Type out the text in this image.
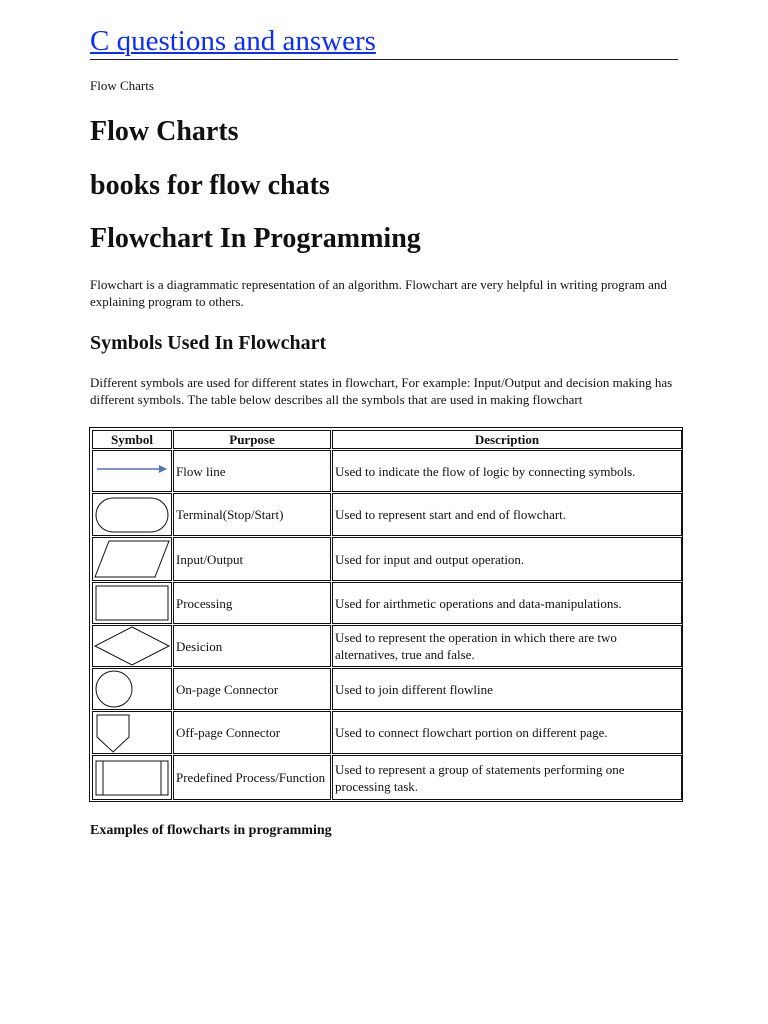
C questions and answers
Flow Charts
Flow Charts
books for flow chats
Flowchart In Programming

Flowchart is a diagrammatic representation of an algorithm. Flowchart are very helpful in writing program and explaining program to others.

Symbols Used In Flowchart

Different symbols are used for different states in flowchart, For example: Input/Output and decision making has different symbols. The table below describes all the symbols that are used in making flowchart

Symbol	Purpose	Description

	Flow line	Used to indicate the flow of logic by connecting symbols.

	Terminal(Stop/Start)	Used to represent start and end of flowchart.

	Input/Output	Used for input and output operation.

	Processing	Used for airthmetic operations and data-manipulations.

	Desicion	Used to represent the operation in which there are two alternatives, true and false.

	On-page Connector	Used to join different flowline

	Off-page Connector	Used to connect flowchart portion on different page.

	Predefined Process/Function	Used to represent a group of statements performing one processing task.
Examples of flowcharts in programming
